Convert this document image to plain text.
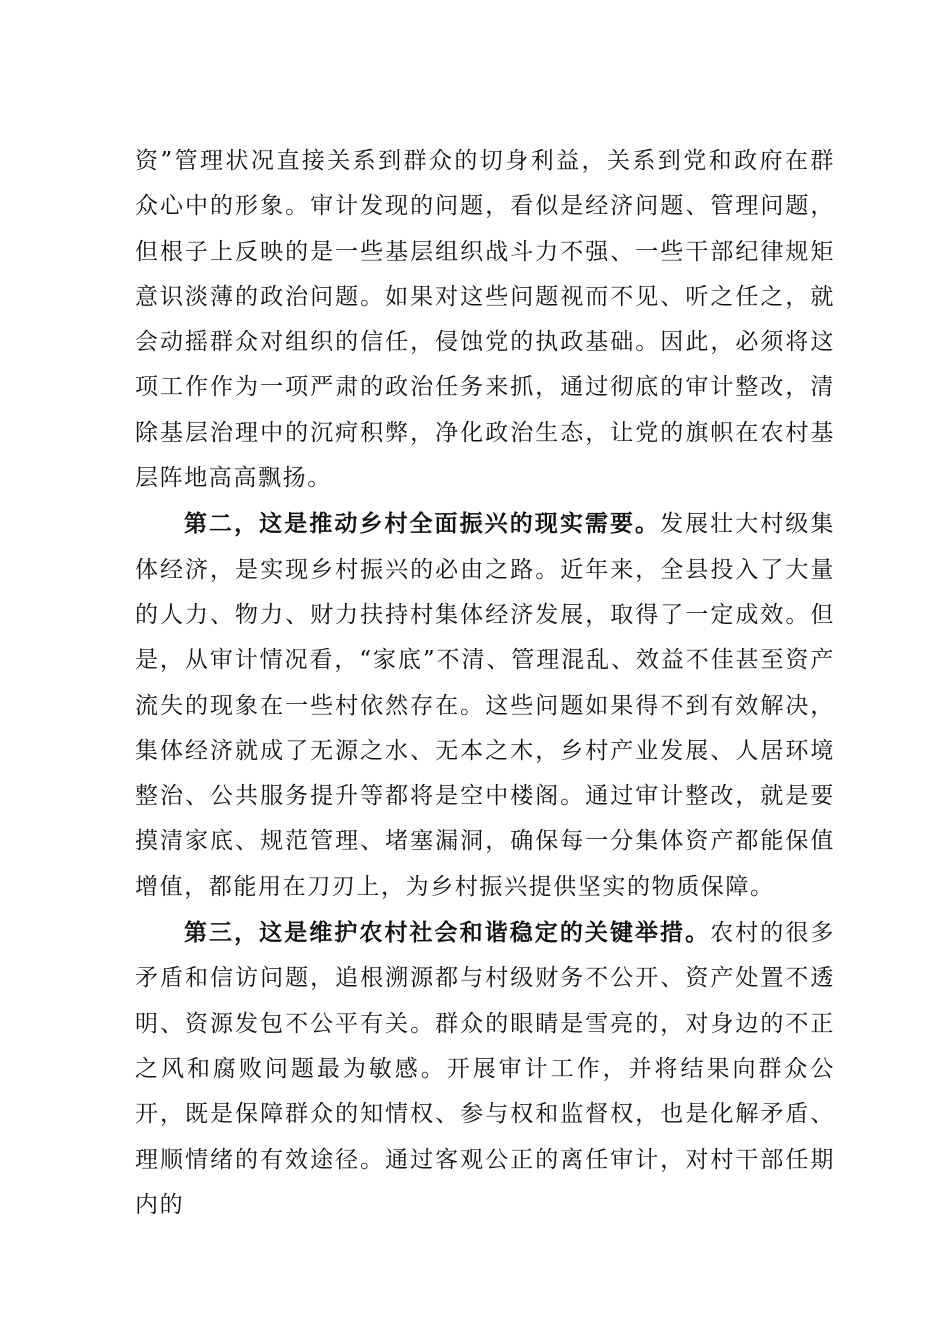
资”管理状况直接关系到群众的切身利益，关系到党和政府在群众心中的形象。审计发现的问题，看似是经济问题、管理问题，但根子上反映的是一些基层组织战斗力不强、一些干部纪律规矩意识淡薄的政治问题。如果对这些问题视而不见、听之任之，就会动摇群众对组织的信任，侵蚀党的执政基础。因此，必须将这项工作作为一项严肃的政治任务来抓，通过彻底的审计整改，清除基层治理中的沉疴积弊，净化政治生态，让党的旗帜在农村基层阵地高高飘扬。

第二，这是推动乡村全面振兴的现实需要。发展壮大村级集体经济，是实现乡村振兴的必由之路。近年来，全县投入了大量的人力、物力、财力扶持村集体经济发展，取得了一定成效。但是，从审计情况看，“家底”不清、管理混乱、效益不佳甚至资产流失的现象在一些村依然存在。这些问题如果得不到有效解决，集体经济就成了无源之水、无本之木，乡村产业发展、人居环境整治、公共服务提升等都将是空中楼阁。通过审计整改，就是要摸清家底、规范管理、堵塞漏洞，确保每一分集体资产都能保值增值，都能用在刀刃上，为乡村振兴提供坚实的物质保障。

第三，这是维护农村社会和谐稳定的关键举措。农村的很多矛盾和信访问题，追根溯源都与村级财务不公开、资产处置不透明、资源发包不公平有关。群众的眼睛是雪亮的，对身边的不正之风和腐败问题最为敏感。开展审计工作，并将结果向群众公开，既是保障群众的知情权、参与权和监督权，也是化解矛盾、理顺情绪的有效途径。通过客观公正的离任审计，对村干部任期内的
